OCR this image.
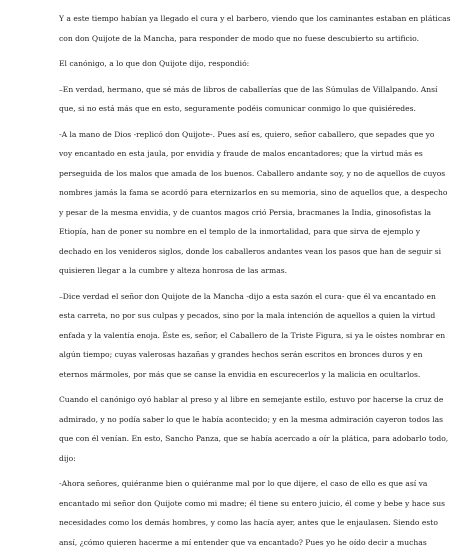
Y a este tiempo habían ya llegado el cura y el barbero, viendo que los caminantes estaban en pláticas
con don Quijote de la Mancha, para responder de modo que no fuese descubierto su artificio.

El canónigo, a lo que don Quijote dijo, respondió:

–En verdad, hermano, que sé más de libros de caballerías que de las Súmulas de Villalpando. Ansí
que, si no está más que en esto, seguramente podéis comunicar conmigo lo que quisiéredes.

-A la mano de Dios -replicó don Quijote-. Pues así es, quiero, señor caballero, que sepades que yo
voy encantado en esta jaula, por envidia y fraude de malos encantadores; que la virtud más es
perseguida de los malos que amada de los buenos. Caballero andante soy, y no de aquellos de cuyos
nombres jamás la fama se acordó para eternizarlos en su memoria, sino de aquellos que, a despecho
y pesar de la mesma envidia, y de cuantos magos crió Persia, bracmanes la India, ginosofistas la
Etiopía, han de poner su nombre en el templo de la inmortalidad, para que sirva de ejemplo y
dechado en los venideros siglos, donde los caballeros andantes vean los pasos que han de seguir si
quisieren llegar a la cumbre y alteza honrosa de las armas.

–Dice verdad el señor don Quijote de la Mancha -dijo a esta sazón el cura- que él va encantado en
esta carreta, no por sus culpas y pecados, sino por la mala intención de aquellos a quien la virtud
enfada y la valentía enoja. Éste es, señor, el Caballero de la Triste Figura, si ya le oístes nombrar en
algún tiempo; cuyas valerosas hazañas y grandes hechos serán escritos en bronces duros y en
eternos mármoles, por más que se canse la envidia en escurecerlos y la malicia en ocultarlos.

Cuando el canónigo oyó hablar al preso y al libre en semejante estilo, estuvo por hacerse la cruz de
admirado, y no podía saber lo que le había acontecido; y en la mesma admiración cayeron todos las
que con él venían. En esto, Sancho Panza, que se había acercado a oír la plática, para adobarlo todo,
dijo:

-Ahora señores, quiéranme bien o quiéranme mal por lo que dijere, el caso de ello es que así va
encantado mi señor don Quijote como mi madre; él tiene su entero juicio, él come y bebe y hace sus
necesidades como los demás hombres, y como las hacía ayer, antes que le enjaulasen. Siendo esto
ansí, ¿cómo quieren hacerme a mí entender que va encantado? Pues yo he oído decir a muchas
